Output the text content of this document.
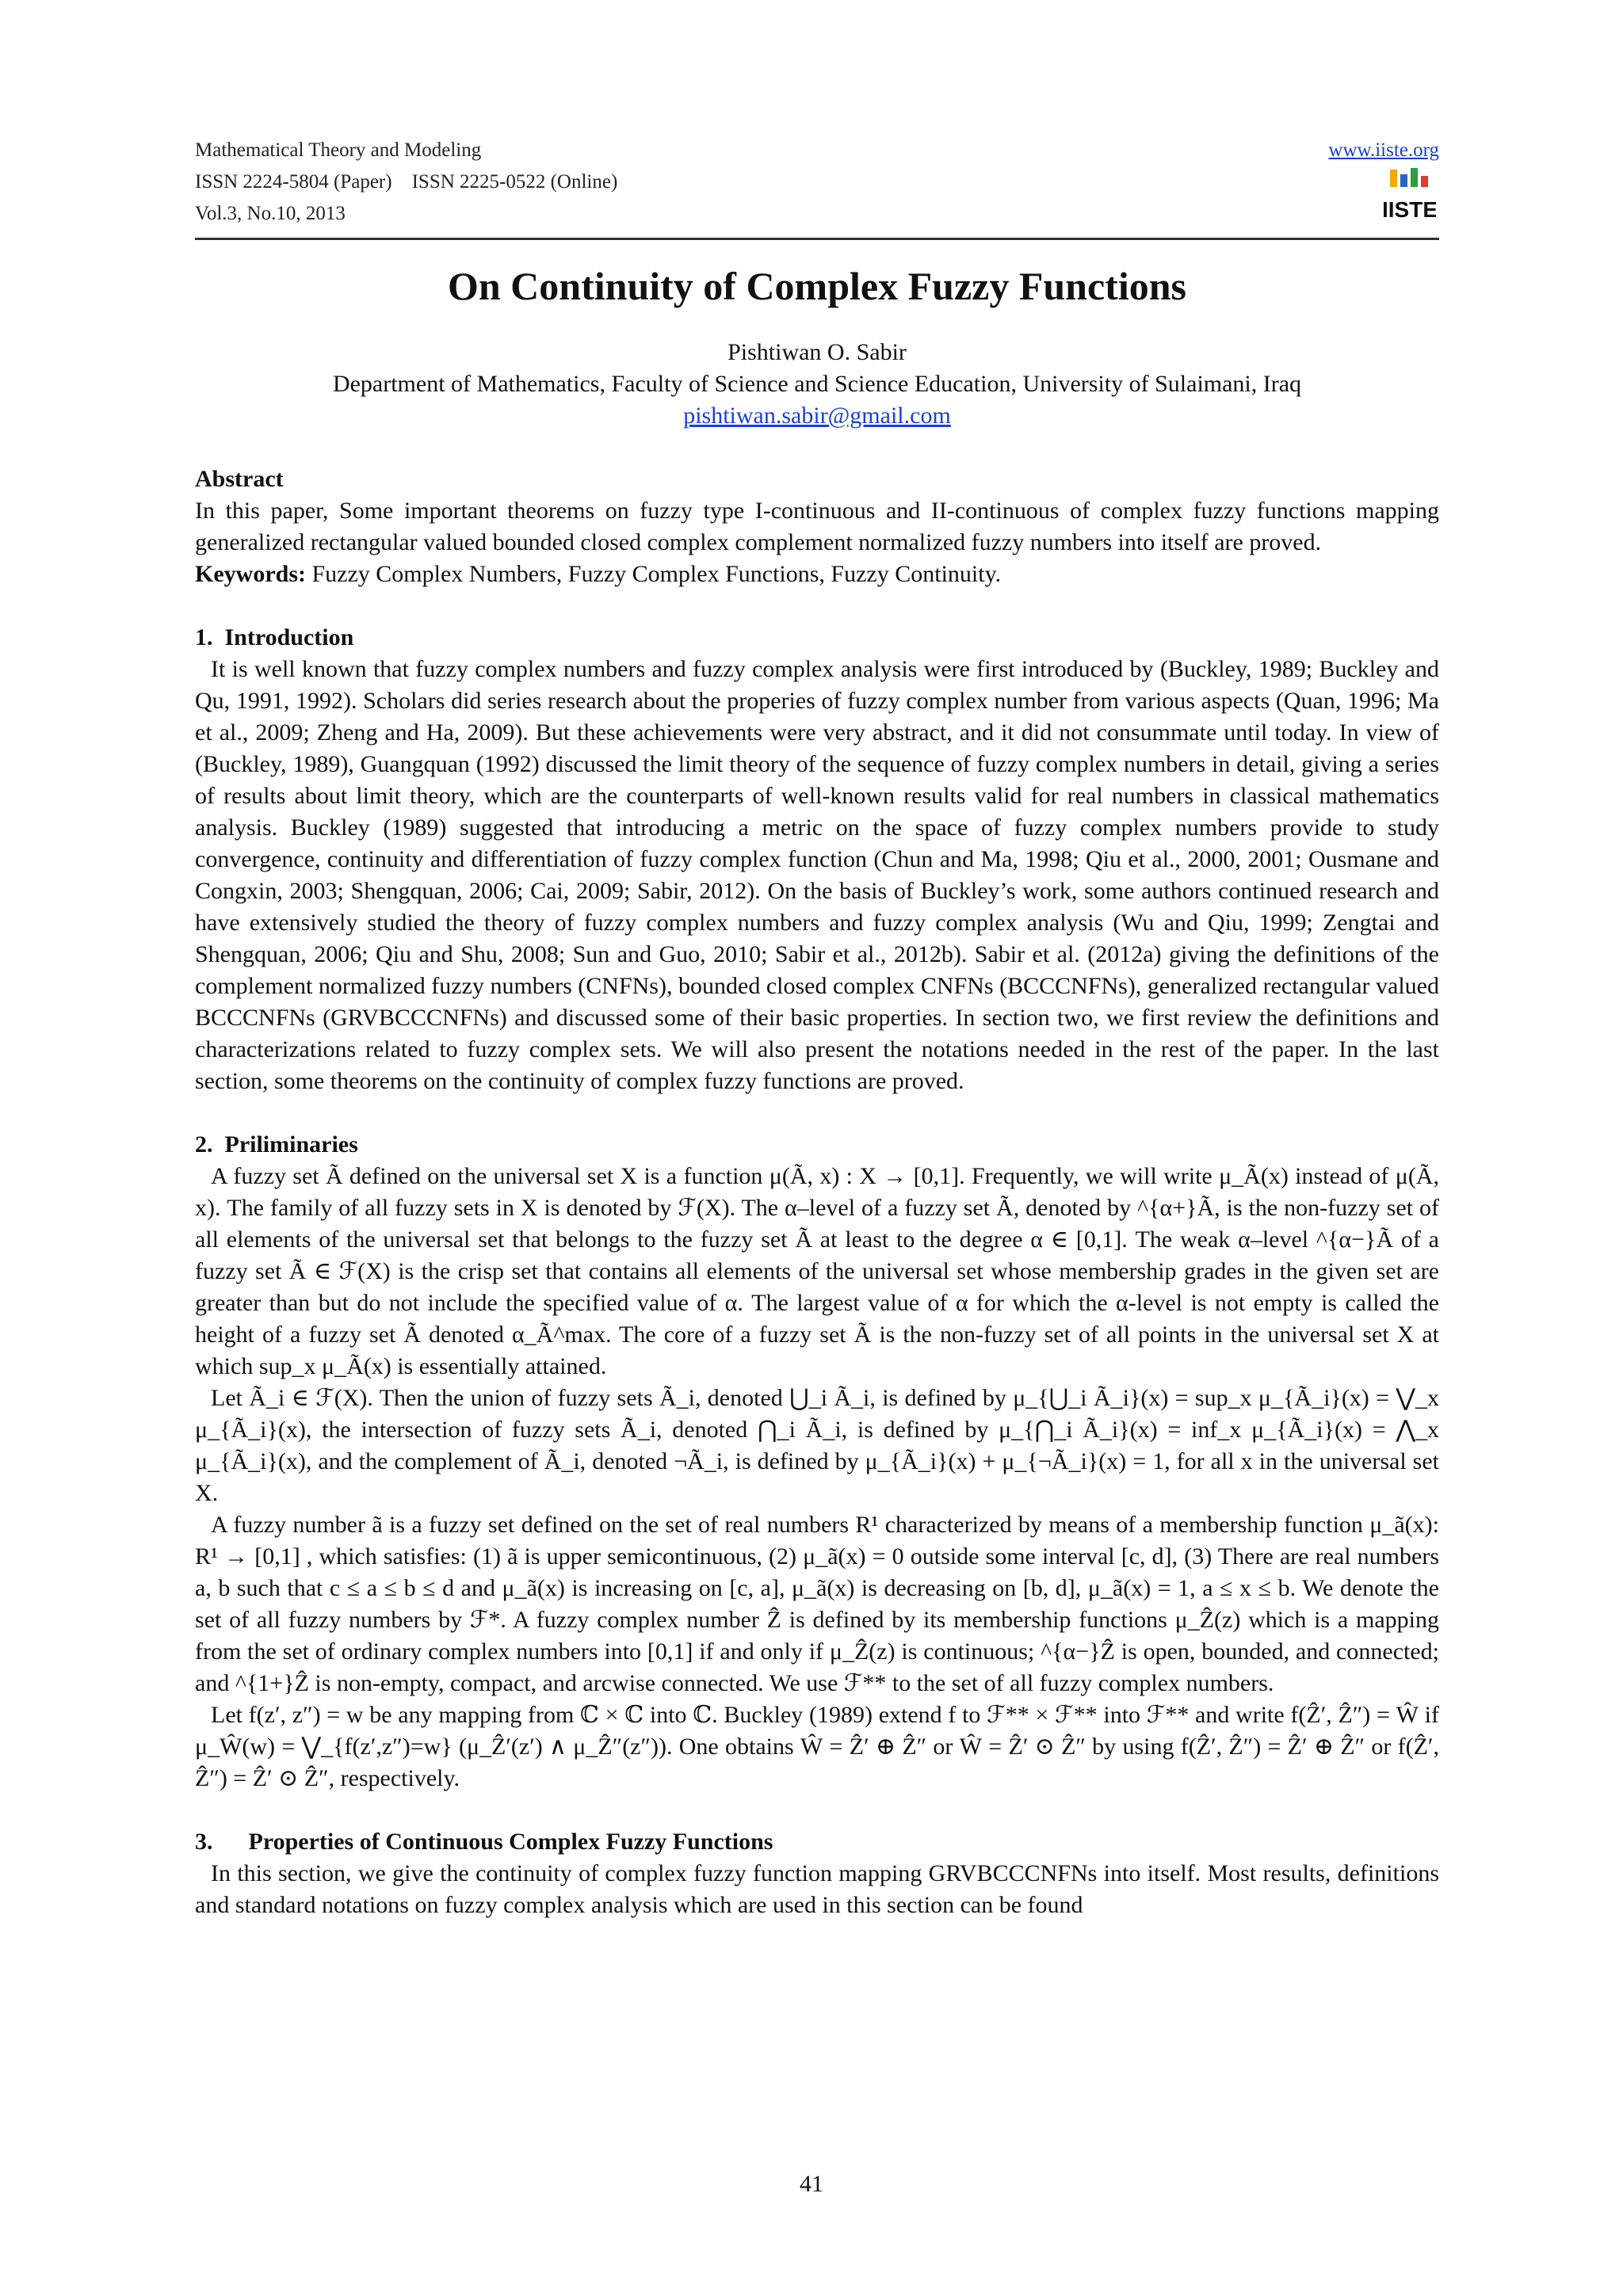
Mathematical Theory and Modeling
ISSN 2224-5804 (Paper)    ISSN 2225-0522 (Online)
Vol.3, No.10, 2013
www.iiste.org
IISTE
On Continuity of Complex Fuzzy Functions
Pishtiwan O. Sabir
Department of Mathematics, Faculty of Science and Science Education, University of Sulaimani, Iraq
pishtiwan.sabir@gmail.com

Abstract

In this paper, Some important theorems on fuzzy type I-continuous and II-continuous of complex fuzzy functions mapping generalized rectangular valued bounded closed complex complement normalized fuzzy numbers into itself are proved.

Keywords: Fuzzy Complex Numbers, Fuzzy Complex Functions, Fuzzy Continuity.

1.  Introduction

It is well known that fuzzy complex numbers and fuzzy complex analysis were first introduced by (Buckley, 1989; Buckley and Qu, 1991, 1992). Scholars did series research about the properies of fuzzy complex number from various aspects (Quan, 1996; Ma et al., 2009; Zheng and Ha, 2009). But these achievements were very abstract, and it did not consummate until today. In view of (Buckley, 1989), Guangquan (1992) discussed the limit theory of the sequence of fuzzy complex numbers in detail, giving a series of results about limit theory, which are the counterparts of well-known results valid for real numbers in classical mathematics analysis. Buckley (1989) suggested that introducing a metric on the space of fuzzy complex numbers provide to study convergence, continuity and differentiation of fuzzy complex function (Chun and Ma, 1998; Qiu et al., 2000, 2001; Ousmane and Congxin, 2003; Shengquan, 2006; Cai, 2009; Sabir, 2012). On the basis of Buckley’s work, some authors continued research and have extensively studied the theory of fuzzy complex numbers and fuzzy complex analysis (Wu and Qiu, 1999; Zengtai and Shengquan, 2006; Qiu and Shu, 2008; Sun and Guo, 2010; Sabir et al., 2012b). Sabir et al. (2012a) giving the definitions of the complement normalized fuzzy numbers (CNFNs), bounded closed complex CNFNs (BCCCNFNs), generalized rectangular valued BCCCNFNs (GRVBCCCNFNs) and discussed some of their basic properties. In section two, we first review the definitions and characterizations related to fuzzy complex sets. We will also present the notations needed in the rest of the paper. In the last section, some theorems on the continuity of complex fuzzy functions are proved.

2.  Priliminaries

A fuzzy set Ã defined on the universal set X is a function μ(Ã, x) : X → [0,1]. Frequently, we will write μ_Ã(x) instead of μ(Ã, x). The family of all fuzzy sets in X is denoted by ℱ(X). The α–level of a fuzzy set Ã, denoted by ^{α+}Ã, is the non-fuzzy set of all elements of the universal set that belongs to the fuzzy set Ã at least to the degree α ∈ [0,1]. The weak α–level ^{α−}Ã of a fuzzy set Ã ∈ ℱ(X) is the crisp set that contains all elements of the universal set whose membership grades in the given set are greater than but do not include the specified value of α. The largest value of α for which the α-level is not empty is called the height of a fuzzy set Ã denoted α_Ã^max. The core of a fuzzy set Ã is the non-fuzzy set of all points in the universal set X at which sup_x μ_Ã(x) is essentially attained.

Let Ã_i ∈ ℱ(X). Then the union of fuzzy sets Ã_i, denoted ⋃_i Ã_i, is defined by μ_{⋃_i Ã_i}(x) = sup_x μ_{Ã_i}(x) = ⋁_x μ_{Ã_i}(x), the intersection of fuzzy sets Ã_i, denoted ⋂_i Ã_i, is defined by μ_{⋂_i Ã_i}(x) = inf_x μ_{Ã_i}(x) = ⋀_x μ_{Ã_i}(x), and the complement of Ã_i, denoted ¬Ã_i, is defined by μ_{Ã_i}(x) + μ_{¬Ã_i}(x) = 1, for all x in the universal set X.

A fuzzy number ã is a fuzzy set defined on the set of real numbers R¹ characterized by means of a membership function μ_ã(x): R¹ → [0,1] , which satisfies: (1) ã is upper semicontinuous, (2) μ_ã(x) = 0 outside some interval [c, d], (3) There are real numbers a, b such that c ≤ a ≤ b ≤ d and μ_ã(x) is increasing on [c, a], μ_ã(x) is decreasing on [b, d], μ_ã(x) = 1, a ≤ x ≤ b. We denote the set of all fuzzy numbers by ℱ*. A fuzzy complex number Ẑ is defined by its membership functions μ_Ẑ(z) which is a mapping from the set of ordinary complex numbers into [0,1] if and only if μ_Ẑ(z) is continuous; ^{α−}Ẑ is open, bounded, and connected; and ^{1+}Ẑ is non-empty, compact, and arcwise connected. We use ℱ** to the set of all fuzzy complex numbers.

Let f(z′, z″) = w be any mapping from ℂ × ℂ into ℂ. Buckley (1989) extend f to ℱ** × ℱ** into ℱ** and write f(Ẑ′, Ẑ″) = Ŵ if μ_Ŵ(w) = ⋁_{f(z′,z″)=w} (μ_Ẑ′(z′) ∧ μ_Ẑ″(z″)). One obtains Ŵ = Ẑ′ ⊕ Ẑ″ or Ŵ = Ẑ′ ⊙ Ẑ″ by using f(Ẑ′, Ẑ″) = Ẑ′ ⊕ Ẑ″ or f(Ẑ′, Ẑ″) = Ẑ′ ⊙ Ẑ″, respectively.

3.      Properties of Continuous Complex Fuzzy Functions

In this section, we give the continuity of complex fuzzy function mapping GRVBCCCNFNs into itself. Most results, definitions and standard notations on fuzzy complex analysis which are used in this section can be found

41
